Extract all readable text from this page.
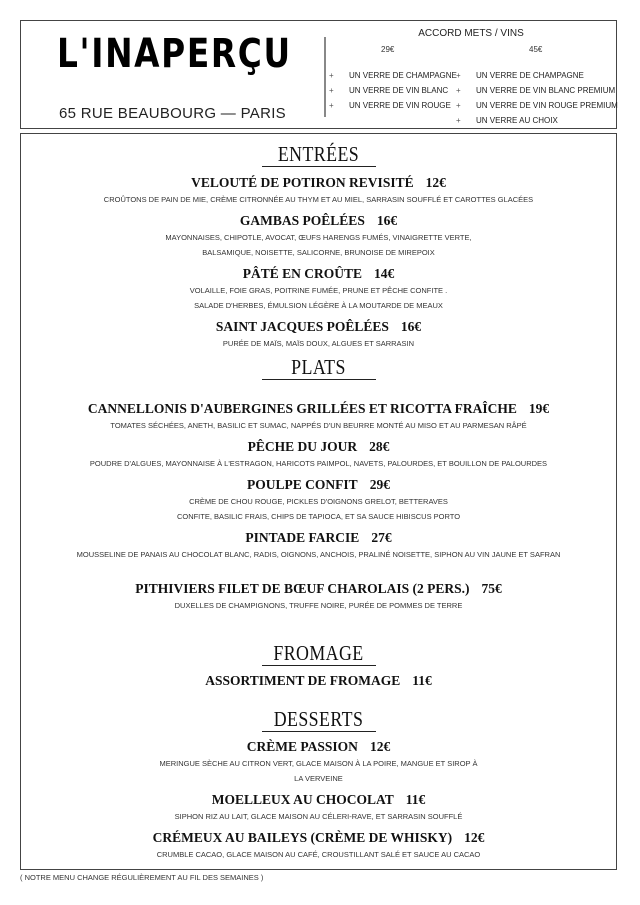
L'INAPERÇU
65 RUE BEAUBOURG — PARIS
ACCORD METS / VINS
29€	45€
+ UN VERRE DE CHAMPAGNE
+ UN VERRE DE VIN BLANC
+ UN VERRE DE VIN ROUGE
+ UN VERRE DE CHAMPAGNE
+ UN VERRE DE VIN BLANC PREMIUM
+ UN VERRE DE VIN ROUGE PREMIUM
+ UN VERRE AU CHOIX
ENTRÉES
VELOUTÉ DE POTIRON REVISITÉ 12€
CROÛTONS DE PAIN DE MIE, CRÈME CITRONNÉE AU THYM ET AU MIEL, SARRASIN SOUFFLÉ ET CAROTTES GLACÉES
GAMBAS POÊLÉES 16€
MAYONNAISES, CHIPOTLE, AVOCAT, ŒUFS HARENGS FUMÉS, VINAIGRETTE VERTE,
BALSAMIQUE, NOISETTE, SALICORNE, BRUNOISE DE MIREPOIX
PÂTÉ EN CROÛTE 14€
VOLAILLE, FOIE GRAS, POITRINE FUMÉE, PRUNE ET PÊCHE CONFITE .
SALADE D'HERBES, ÉMULSION LÉGÈRE À LA MOUTARDE DE MEAUX
SAINT JACQUES POÊLÉES 16€
PURÉE DE MAÏS, MAÏS DOUX, ALGUES ET SARRASIN
PLATS
CANNELLONIS D'AUBERGINES GRILLÉES ET RICOTTA FRAÎCHE 19€
TOMATES SÉCHÉES, ANETH, BASILIC ET SUMAC, NAPPÉS D'UN BEURRE MONTÉ AU MISO ET AU PARMESAN RÂPÉ
PÊCHE DU JOUR 28€
POUDRE D'ALGUES, MAYONNAISE À L'ESTRAGON, HARICOTS PAIMPOL, NAVETS, PALOURDES, ET BOUILLON DE PALOURDES
POULPE CONFIT 29€
CRÈME DE CHOU ROUGE, PICKLES D'OIGNONS GRELOT, BETTERAVES
CONFITE, BASILIC FRAIS, CHIPS DE TAPIOCA, ET SA SAUCE HIBISCUS PORTO
PINTADE FARCIE 27€
MOUSSELINE DE PANAIS AU CHOCOLAT BLANC, RADIS, OIGNONS, ANCHOIS, PRALINÉ NOISETTE, SIPHON AU VIN JAUNE ET SAFRAN
PITHIVIERS FILET DE BŒUF CHAROLAIS (2 PERS.) 75€
DUXELLES DE CHAMPIGNONS, TRUFFE NOIRE, PURÉE DE POMMES DE TERRE
FROMAGE
ASSORTIMENT DE FROMAGE 11€
DESSERTS
CRÈME PASSION 12€
MERINGUE SÈCHE AU CITRON VERT, GLACE MAISON À LA POIRE, MANGUE ET SIROP À
LA VERVEINE
MOELLEUX AU CHOCOLAT 11€
SIPHON RIZ AU LAIT, GLACE MAISON AU CÉLERI-RAVE, ET SARRASIN SOUFFLÉ
CRÉMEUX AU BAILEYS (CRÈME DE WHISKY) 12€
CRUMBLE CACAO, GLACE MAISON AU CAFÉ, CROUSTILLANT SALÉ ET SAUCE AU CACAO
( NOTRE MENU CHANGE RÉGULIÈREMENT AU FIL DES SEMAINES )
